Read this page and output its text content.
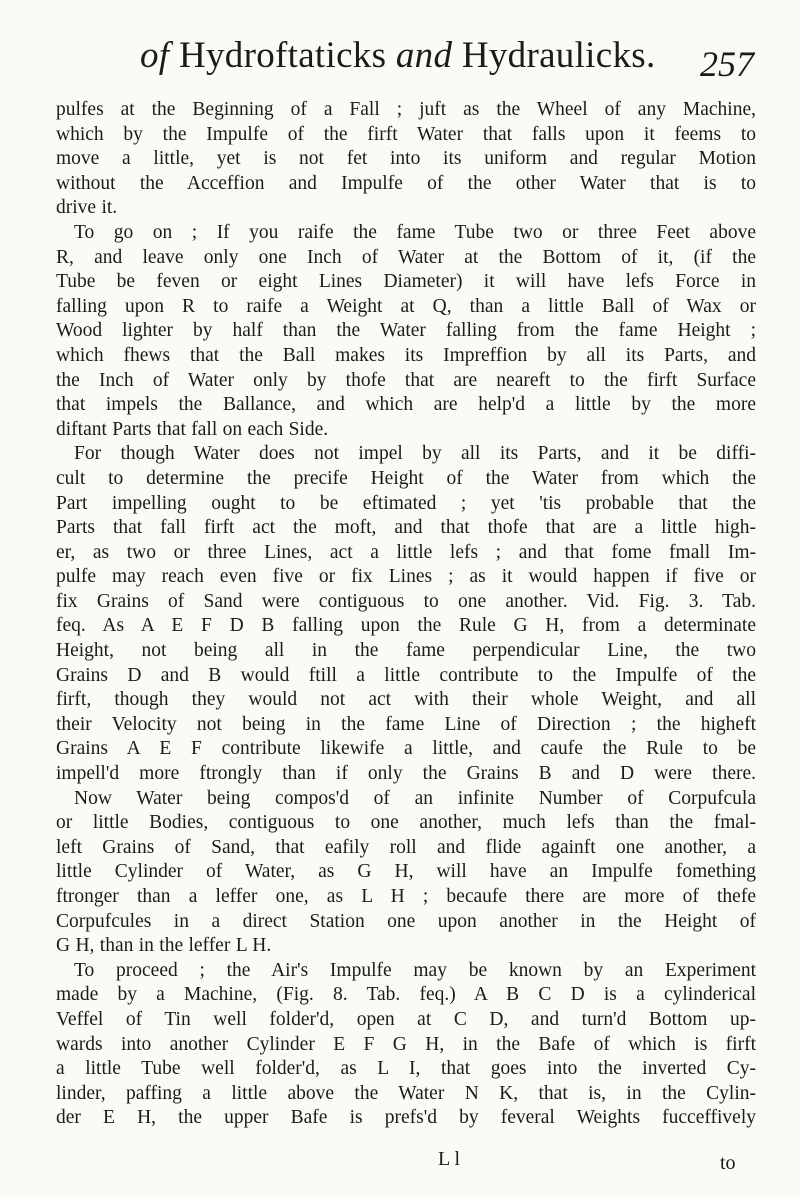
of Hydroftaticks and Hydraulicks. 257
pulfes at the Beginning of a Fall ; juft as the Wheel of any Machine,
which by the Impulfe of the firft Water that falls upon it feems to
move a little, yet is not fet into its uniform and regular Motion
without the Acceffion and Impulfe of the other Water that is to
drive it.
To go on ; If you raife the fame Tube two or three Feet above
R, and leave only one Inch of Water at the Bottom of it, (if the
Tube be feven or eight Lines Diameter) it will have lefs Force in
falling upon R to raife a Weight at Q, than a little Ball of Wax or
Wood lighter by half than the Water falling from the fame Height ;
which fhews that the Ball makes its Impreffion by all its Parts, and
the Inch of Water only by thofe that are neareft to the firft Surface
that impels the Ballance, and which are help'd a little by the more
diftant Parts that fall on each Side.
For though Water does not impel by all its Parts, and it be diffi-
cult to determine the precife Height of the Water from which the
Part impelling ought to be eftimated ; yet 'tis probable that the
Parts that fall firft act the moft, and that thofe that are a little high-
er, as two or three Lines, act a little lefs ; and that fome fmall Im-
pulfe may reach even five or fix Lines ; as it would happen if five or
fix Grains of Sand were contiguous to one another. Vid. Fig. 3. Tab.
feq. As A E F D B falling upon the Rule G H, from a determinate
Height, not being all in the fame perpendicular Line, the two
Grains D and B would ftill a little contribute to the Impulfe of the
firft, though they would not act with their whole Weight, and all
their Velocity not being in the fame Line of Direction ; the higheft
Grains A E F contribute likewife a little, and caufe the Rule to be
impell'd more ftrongly than if only the Grains B and D were there.
Now Water being compos'd of an infinite Number of Corpufcula
or little Bodies, contiguous to one another, much lefs than the fmal-
left Grains of Sand, that eafily roll and flide againft one another, a
little Cylinder of Water, as G H, will have an Impulfe fomething
ftronger than a leffer one, as L H ; becaufe there are more of thefe
Corpufcules in a direct Station one upon another in the Height of
G H, than in the leffer L H.
To proceed ; the Air's Impulfe may be known by an Experiment
made by a Machine, (Fig. 8. Tab. feq.) A B C D is a cylinderical
Veffel of Tin well folder'd, open at C D, and turn'd Bottom up-
wards into another Cylinder E F G H, in the Bafe of which is firft
a little Tube well folder'd, as L I, that goes into the inverted Cy-
linder, paffing a little above the Water N K, that is, in the Cylin-
der E H, the upper Bafe is prefs'd by feveral Weights fucceffively
L l	to
